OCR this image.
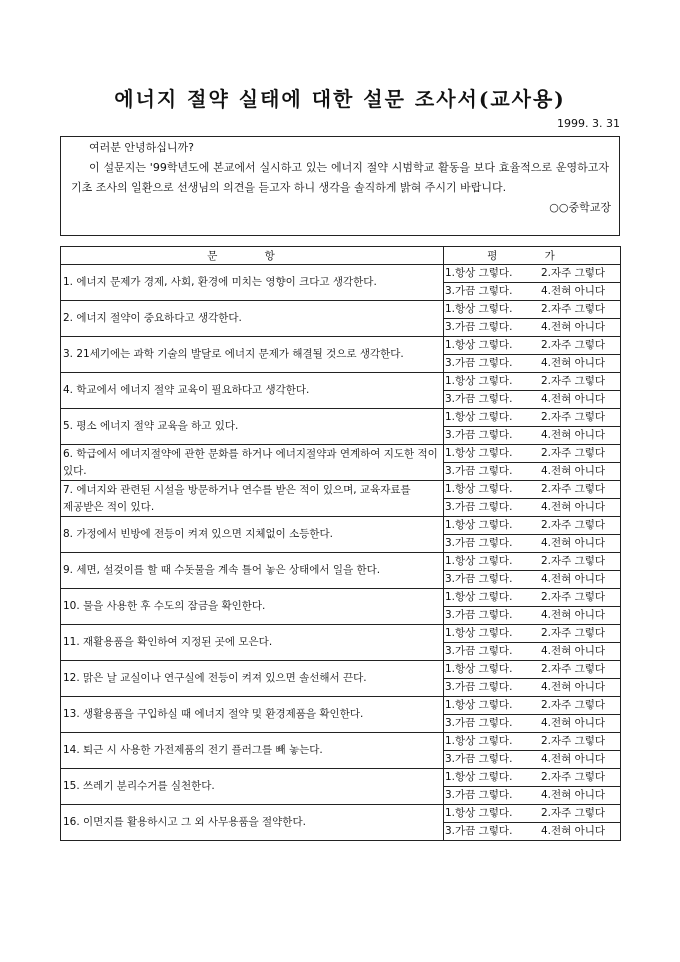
에너지 절약 실태에 대한 설문 조사서(교사용)
1999. 3. 31

여러분 안녕하십니까?

이 설문지는 '99학년도에 본교에서 실시하고 있는 에너지 절약 시범학교 활동을 보다 효율적으로 운영하고자 기초 조사의 일환으로 선생님의 의견을 듣고자 하니 생각을 솔직하게 밝혀 주시기 바랍니다.

○○중학교장

문 항	평 가

1. 에너지 문제가 경제, 사회, 환경에 미치는 영향이 크다고 생각한다.	1.항상 그렇다. 2.자주 그렇다
	3.가끔 그렇다. 4.전혀 아니다

2. 에너지 절약이 중요하다고 생각한다.	1.항상 그렇다. 2.자주 그렇다
	3.가끔 그렇다. 4.전혀 아니다

3. 21세기에는 과학 기술의 발달로 에너지 문제가 해결될 것으로 생각한다.	1.항상 그렇다. 2.자주 그렇다
	3.가끔 그렇다. 4.전혀 아니다

4. 학교에서 에너지 절약 교육이 필요하다고 생각한다.	1.항상 그렇다. 2.자주 그렇다
	3.가끔 그렇다. 4.전혀 아니다

5. 평소 에너지 절약 교육을 하고 있다.	1.항상 그렇다. 2.자주 그렇다
	3.가끔 그렇다. 4.전혀 아니다

6. 학급에서 에너지절약에 관한 문화를 하거나 에너지절약과 연계하여 지도한 적이 있다.	1.항상 그렇다. 2.자주 그렇다
	3.가끔 그렇다. 4.전혀 아니다

7. 에너지와 관련된 시설을 방문하거나 연수를 받은 적이 있으며, 교육자료를 제공받은 적이 있다.	1.항상 그렇다. 2.자주 그렇다
	3.가끔 그렇다. 4.전혀 아니다

8. 가정에서 빈방에 전등이 켜져 있으면 지체없이 소등한다.	1.항상 그렇다. 2.자주 그렇다
	3.가끔 그렇다. 4.전혀 아니다

9. 세면, 설겆이를 할 때 수돗물을 계속 틀어 놓은 상태에서 일을 한다.	1.항상 그렇다. 2.자주 그렇다
	3.가끔 그렇다. 4.전혀 아니다

10. 물을 사용한 후 수도의 잠금을 확인한다.	1.항상 그렇다. 2.자주 그렇다
	3.가끔 그렇다. 4.전혀 아니다

11. 재활용품을 확인하여 지정된 곳에 모은다.	1.항상 그렇다. 2.자주 그렇다
	3.가끔 그렇다. 4.전혀 아니다

12. 맑은 날 교실이나 연구실에 전등이 켜져 있으면 솔선해서 끈다.	1.항상 그렇다. 2.자주 그렇다
	3.가끔 그렇다. 4.전혀 아니다

13. 생활용품을 구입하실 때 에너지 절약 및 환경제품을 확인한다.	1.항상 그렇다. 2.자주 그렇다
	3.가끔 그렇다. 4.전혀 아니다

14. 퇴근 시 사용한 가전제품의 전기 플러그를 빼 놓는다.	1.항상 그렇다. 2.자주 그렇다
	3.가끔 그렇다. 4.전혀 아니다

15. 쓰레기 분리수거를 실천한다.	1.항상 그렇다. 2.자주 그렇다
	3.가끔 그렇다. 4.전혀 아니다

16. 이면지를 활용하시고 그 외 사무용품을 절약한다.	1.항상 그렇다. 2.자주 그렇다
	3.가끔 그렇다. 4.전혀 아니다
